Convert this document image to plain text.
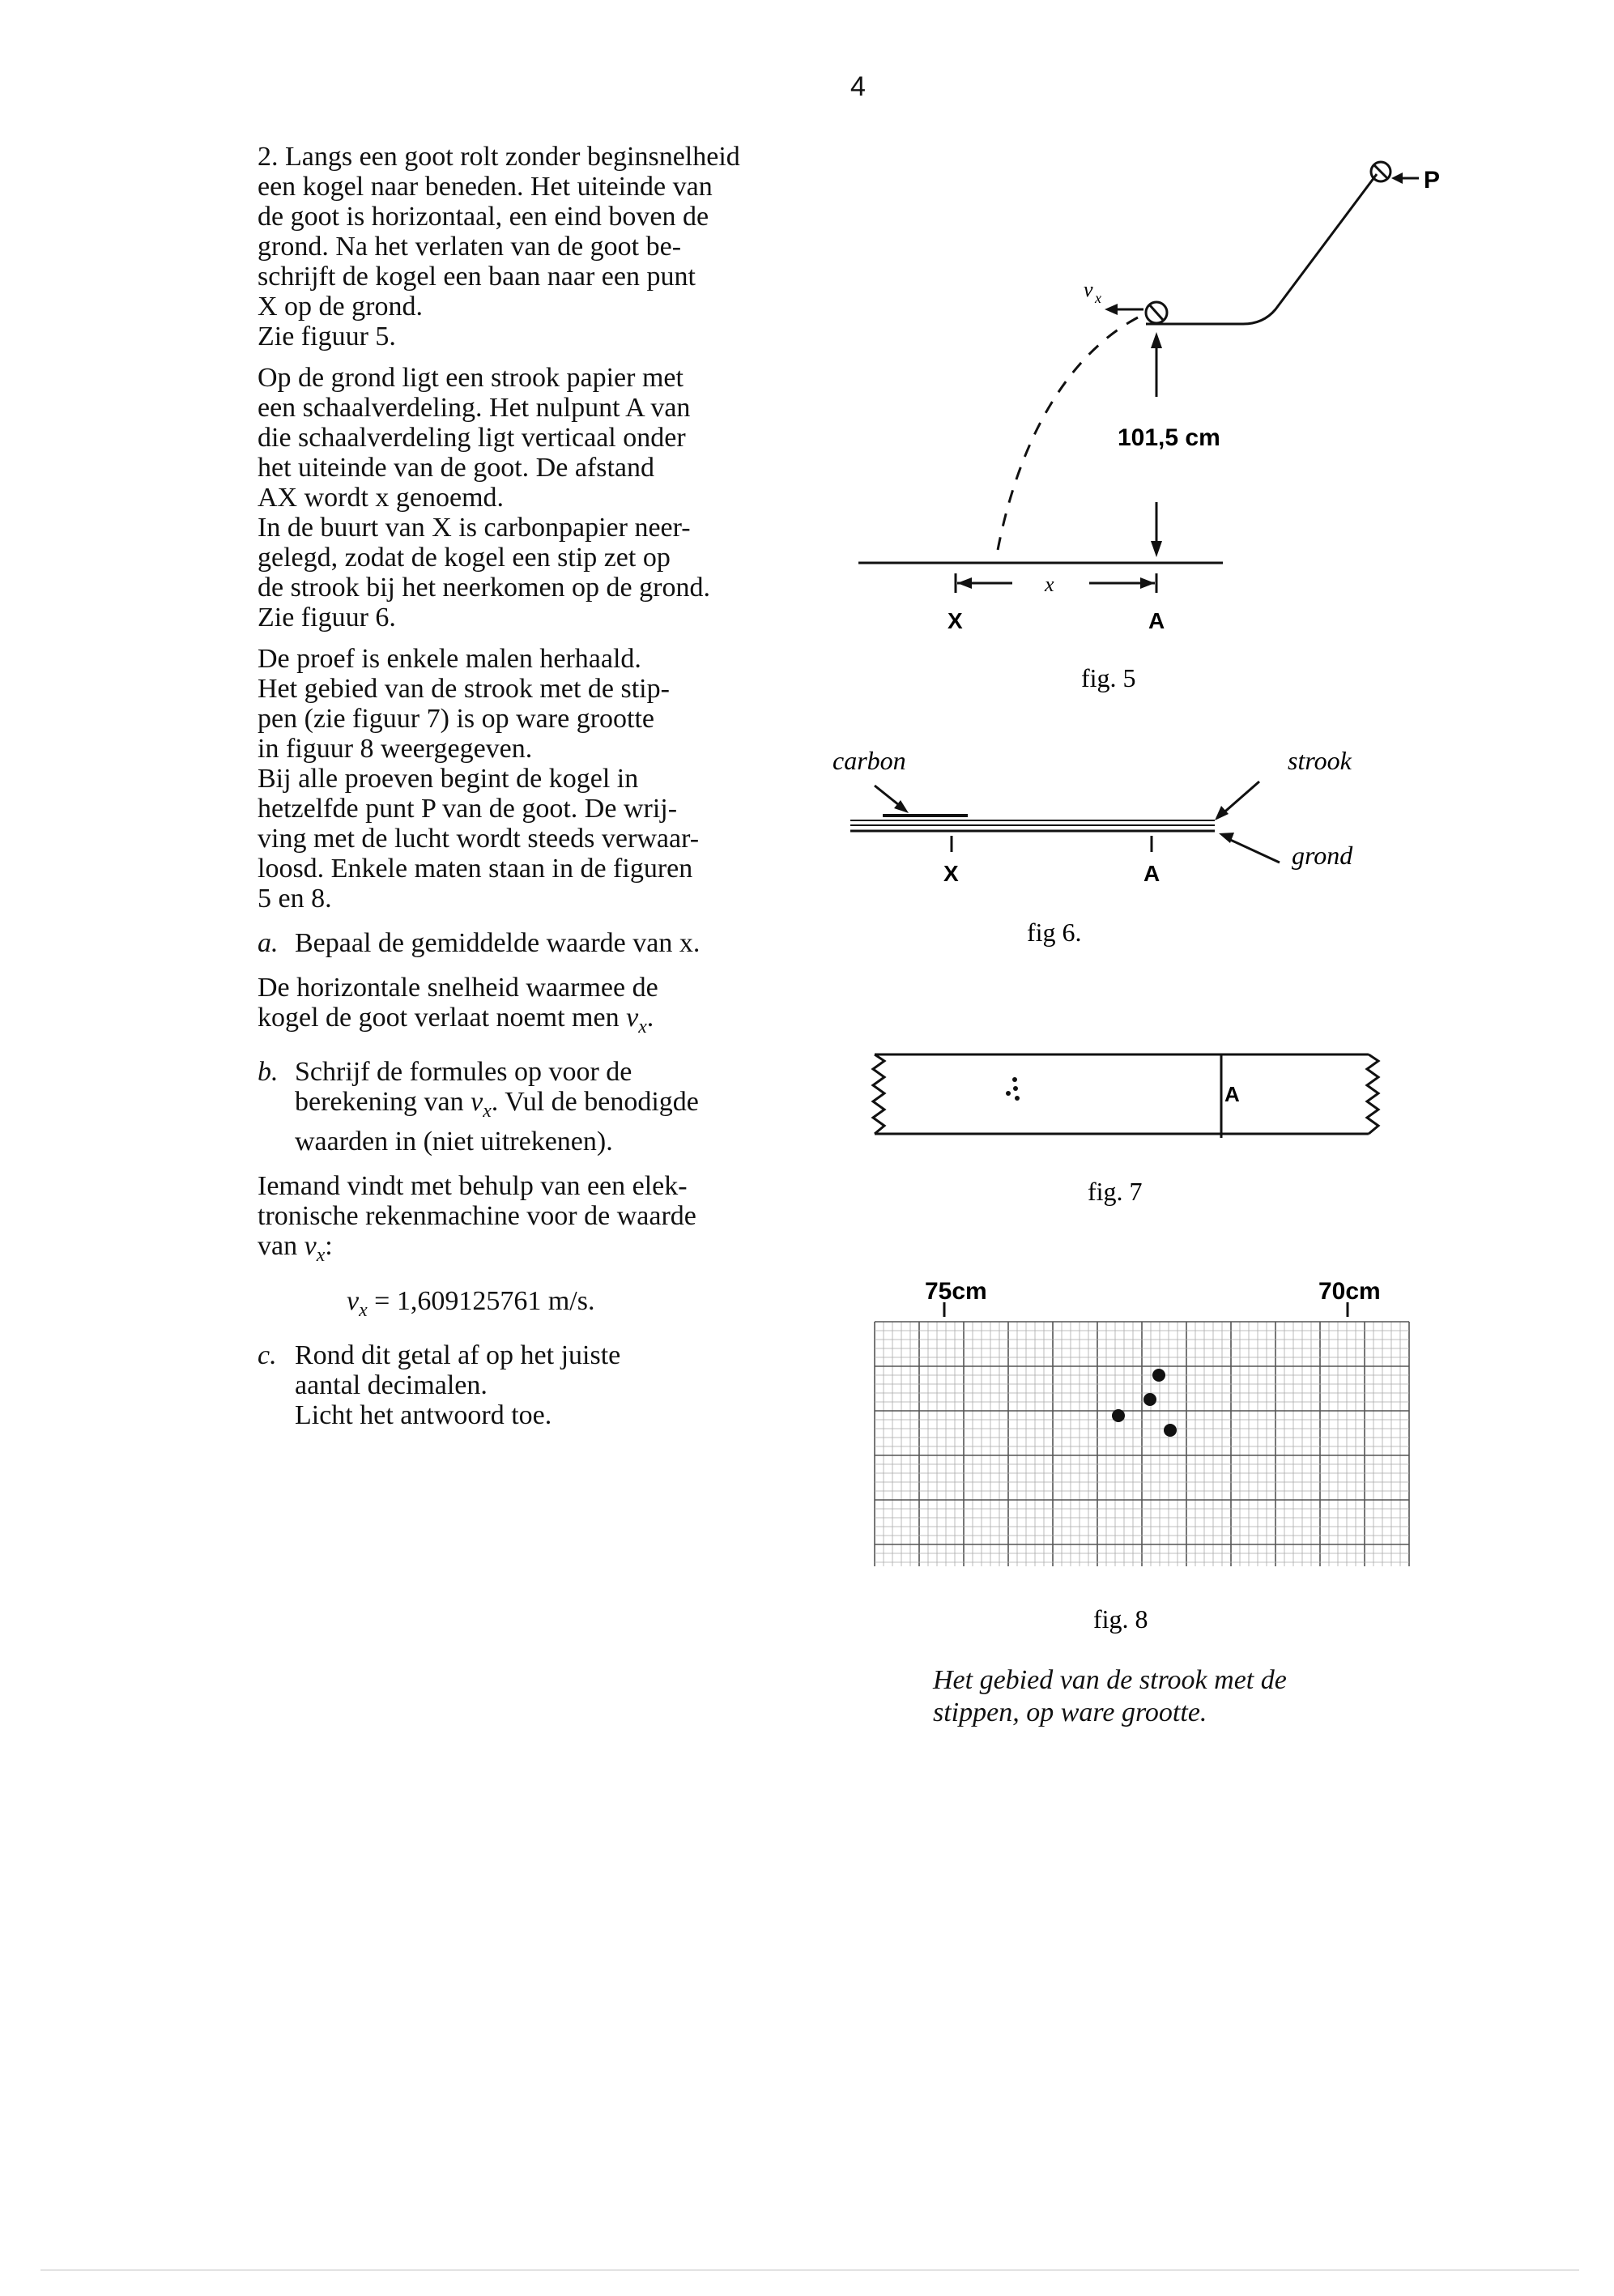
4

2. Langs een goot rolt zonder beginsnelheid
een kogel naar beneden. Het uiteinde van
de goot is horizontaal, een eind boven de
grond. Na het verlaten van de goot be-
schrijft de kogel een baan naar een punt
X op de grond.
Zie figuur 5.

Op de grond ligt een strook papier met
een schaalverdeling. Het nulpunt A van
die schaalverdeling ligt verticaal onder
het uiteinde van de goot. De afstand
AX wordt x genoemd.
In de buurt van X is carbonpapier neer-
gelegd, zodat de kogel een stip zet op
de strook bij het neerkomen op de grond.
Zie figuur 6.

De proef is enkele malen herhaald.
Het gebied van de strook met de stip-
pen (zie figuur 7) is op ware grootte
in figuur 8 weergegeven.
Bij alle proeven begint de kogel in
hetzelfde punt P van de goot. De wrij-
ving met de lucht wordt steeds verwaar-
loosd. Enkele maten staan in de figuren
5 en 8.

a. Bepaal de gemiddelde waarde van x.

De horizontale snelheid waarmee de
kogel de goot verlaat noemt men $v_x$.

b. Schrijf de formules op voor de
berekening van $v_x$. Vul de benodigde
waarden in (niet uitrekenen).

Iemand vindt met behulp van een elek-
tronische rekenmachine voor de waarde
van $v_x$:

$v_x = 1,609125761$ m/s.

c. Rond dit getal af op het juiste
aantal decimalen.
Licht het antwoord toe.
P
v x
101,5 cm
x
X	A
fig. 5
carbon	strook
grond
X	A
fig 6.
A
fig. 7
75cm	70cm
fig. 8
Het gebied van de strook met de
stippen, op ware grootte.
